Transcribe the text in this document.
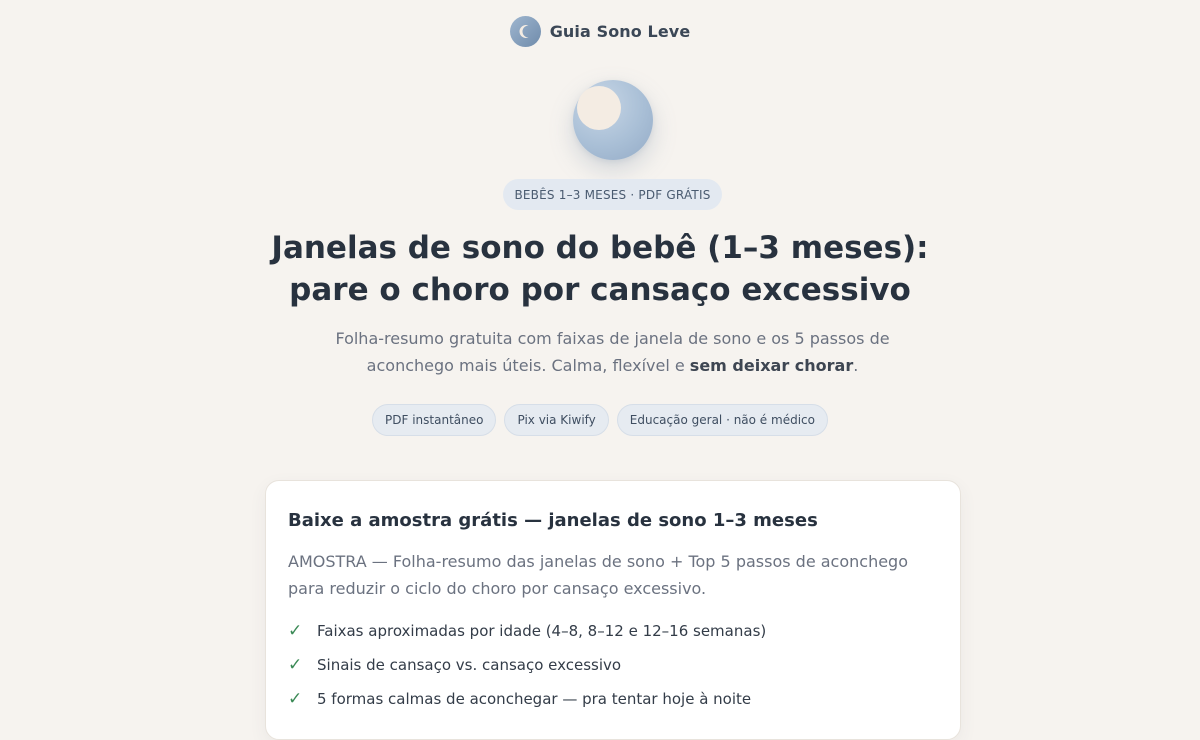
Guia Sono Leve
BEBÊS 1–3 MESES · PDF GRÁTIS
Janelas de sono do bebê (1–3 meses): pare o choro por cansaço excessivo

Folha-resumo gratuita com faixas de janela de sono e os 5 passos de aconchego mais úteis. Calma, flexível e sem deixar chorar.

PDF instantâneo	Pix via Kiwify	Educação geral · não é médico
Baixe a amostra grátis — janelas de sono 1–3 meses

AMOSTRA — Folha-resumo das janelas de sono + Top 5 passos de aconchego para reduzir o ciclo do choro por cansaço excessivo.

✓ Faixas aproximadas por idade (4–8, 8–12 e 12–16 semanas)
✓ Sinais de cansaço vs. cansaço excessivo
✓ 5 formas calmas de aconchegar — pra tentar hoje à noite
